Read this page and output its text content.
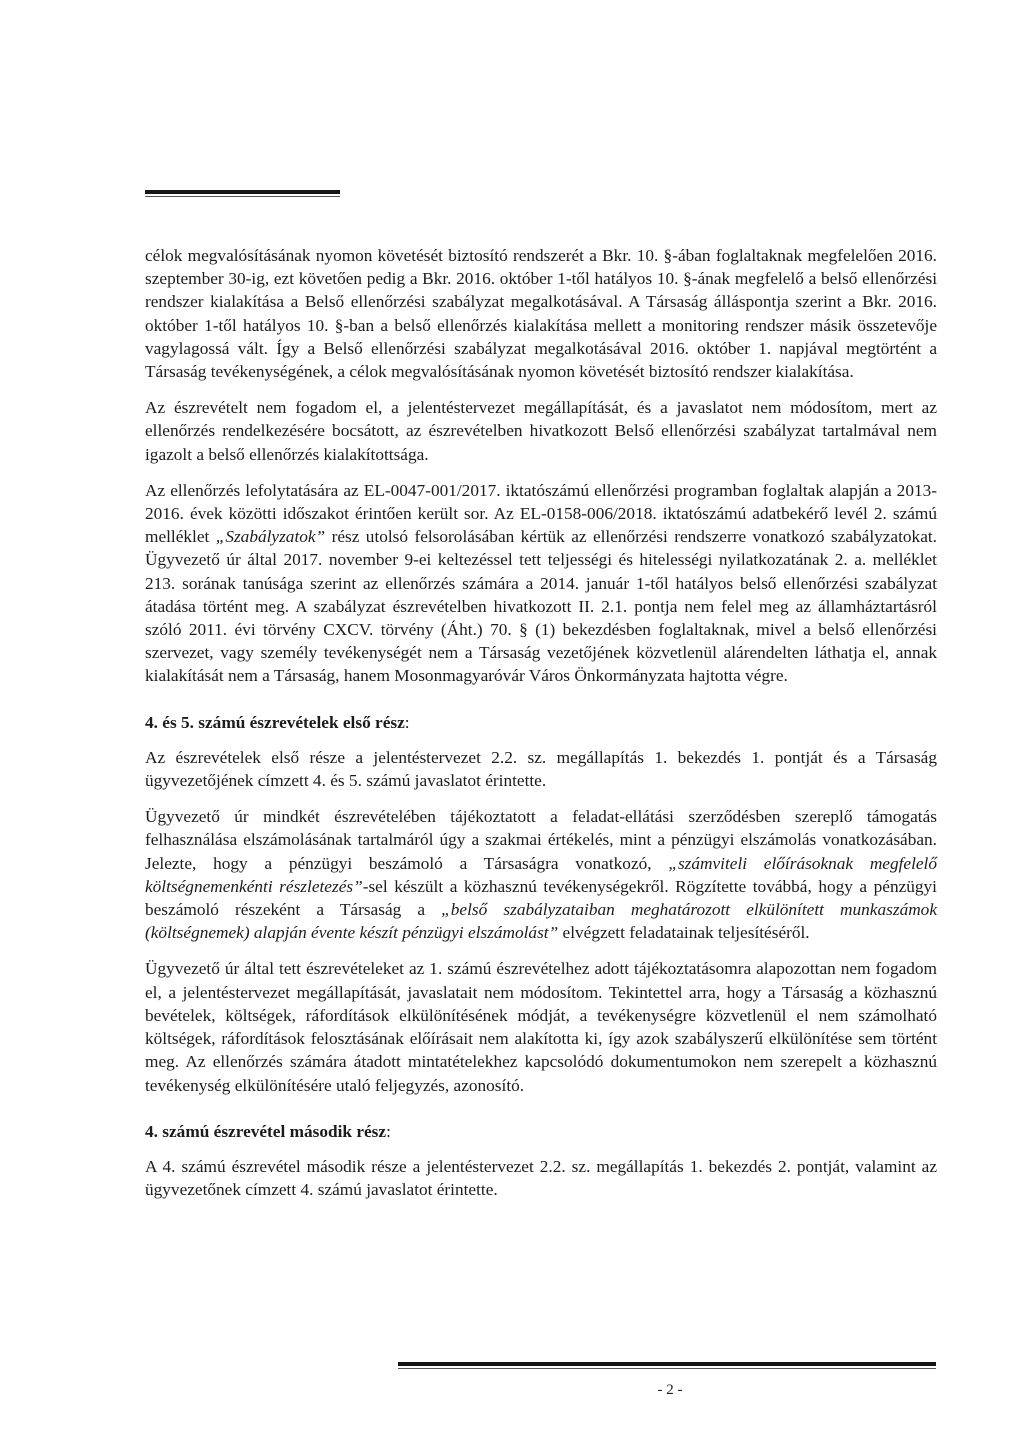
célok megvalósításának nyomon követését biztosító rendszerét a Bkr. 10. §-ában foglaltaknak megfelelően 2016. szeptember 30-ig, ezt követően pedig a Bkr. 2016. október 1-től hatályos 10. §-ának megfelelő a belső ellenőrzési rendszer kialakítása a Belső ellenőrzési szabályzat megalkotásával. A Társaság álláspontja szerint a Bkr. 2016. október 1-től hatályos 10. §-ban a belső ellenőrzés kialakítása mellett a monitoring rendszer másik összetevője vagylagossá vált. Így a Belső ellenőrzési szabályzat megalkotásával 2016. október 1. napjával megtörtént a Társaság tevékenységének, a célok megvalósításának nyomon követését biztosító rendszer kialakítása.

Az észrevételt nem fogadom el, a jelentéstervezet megállapítását, és a javaslatot nem módosítom, mert az ellenőrzés rendelkezésére bocsátott, az észrevételben hivatkozott Belső ellenőrzési szabályzat tartalmával nem igazolt a belső ellenőrzés kialakítottsága.

Az ellenőrzés lefolytatására az EL-0047-001/2017. iktatószámú ellenőrzési programban foglaltak alapján a 2013-2016. évek közötti időszakot érintően került sor. Az EL-0158-006/2018. iktatószámú adatbekérő levél 2. számú melléklet „Szabályzatok” rész utolsó felsorolásában kértük az ellenőrzési rendszerre vonatkozó szabályzatokat. Ügyvezető úr által 2017. november 9-ei keltezéssel tett teljességi és hitelességi nyilatkozatának 2. a. melléklet 213. sorának tanúsága szerint az ellenőrzés számára a 2014. január 1-től hatályos belső ellenőrzési szabályzat átadása történt meg. A szabályzat észrevételben hivatkozott II. 2.1. pontja nem felel meg az államháztartásról szóló 2011. évi törvény CXCV. törvény (Áht.) 70. § (1) bekezdésben foglaltaknak, mivel a belső ellenőrzési szervezet, vagy személy tevékenységét nem a Társaság vezetőjének közvetlenül alárendelten láthatja el, annak kialakítását nem a Társaság, hanem Mosonmagyaróvár Város Önkormányzata hajtotta végre.

4. és 5. számú észrevételek első rész:

Az észrevételek első része a jelentéstervezet 2.2. sz. megállapítás 1. bekezdés 1. pontját és a Társaság ügyvezetőjének címzett 4. és 5. számú javaslatot érintette.

Ügyvezető úr mindkét észrevételében tájékoztatott a feladat-ellátási szerződésben szereplő támogatás felhasználása elszámolásának tartalmáról úgy a szakmai értékelés, mint a pénzügyi elszámolás vonatkozásában. Jelezte, hogy a pénzügyi beszámoló a Társaságra vonatkozó, „számviteli előírásoknak megfelelő költségnemenkénti részletezés”-sel készült a közhasznú tevékenységekről. Rögzítette továbbá, hogy a pénzügyi beszámoló részeként a Társaság a „belső szabályzataiban meghatározott elkülönített munkaszámok (költségnemek) alapján évente készít pénzügyi elszámolást” elvégzett feladatainak teljesítéséről.

Ügyvezető úr által tett észrevételeket az 1. számú észrevételhez adott tájékoztatásomra alapozottan nem fogadom el, a jelentéstervezet megállapítását, javaslatait nem módosítom. Tekintettel arra, hogy a Társaság a közhasznú bevételek, költségek, ráfordítások elkülönítésének módját, a tevékenységre közvetlenül el nem számolható költségek, ráfordítások felosztásának előírásait nem alakította ki, így azok szabályszerű elkülönítése sem történt meg. Az ellenőrzés számára átadott mintatételekhez kapcsolódó dokumentumokon nem szerepelt a közhasznú tevékenység elkülönítésére utaló feljegyzés, azonosító.

4. számú észrevétel második rész:

A 4. számú észrevétel második része a jelentéstervezet 2.2. sz. megállapítás 1. bekezdés 2. pontját, valamint az ügyvezetőnek címzett 4. számú javaslatot érintette.

- 2 -
